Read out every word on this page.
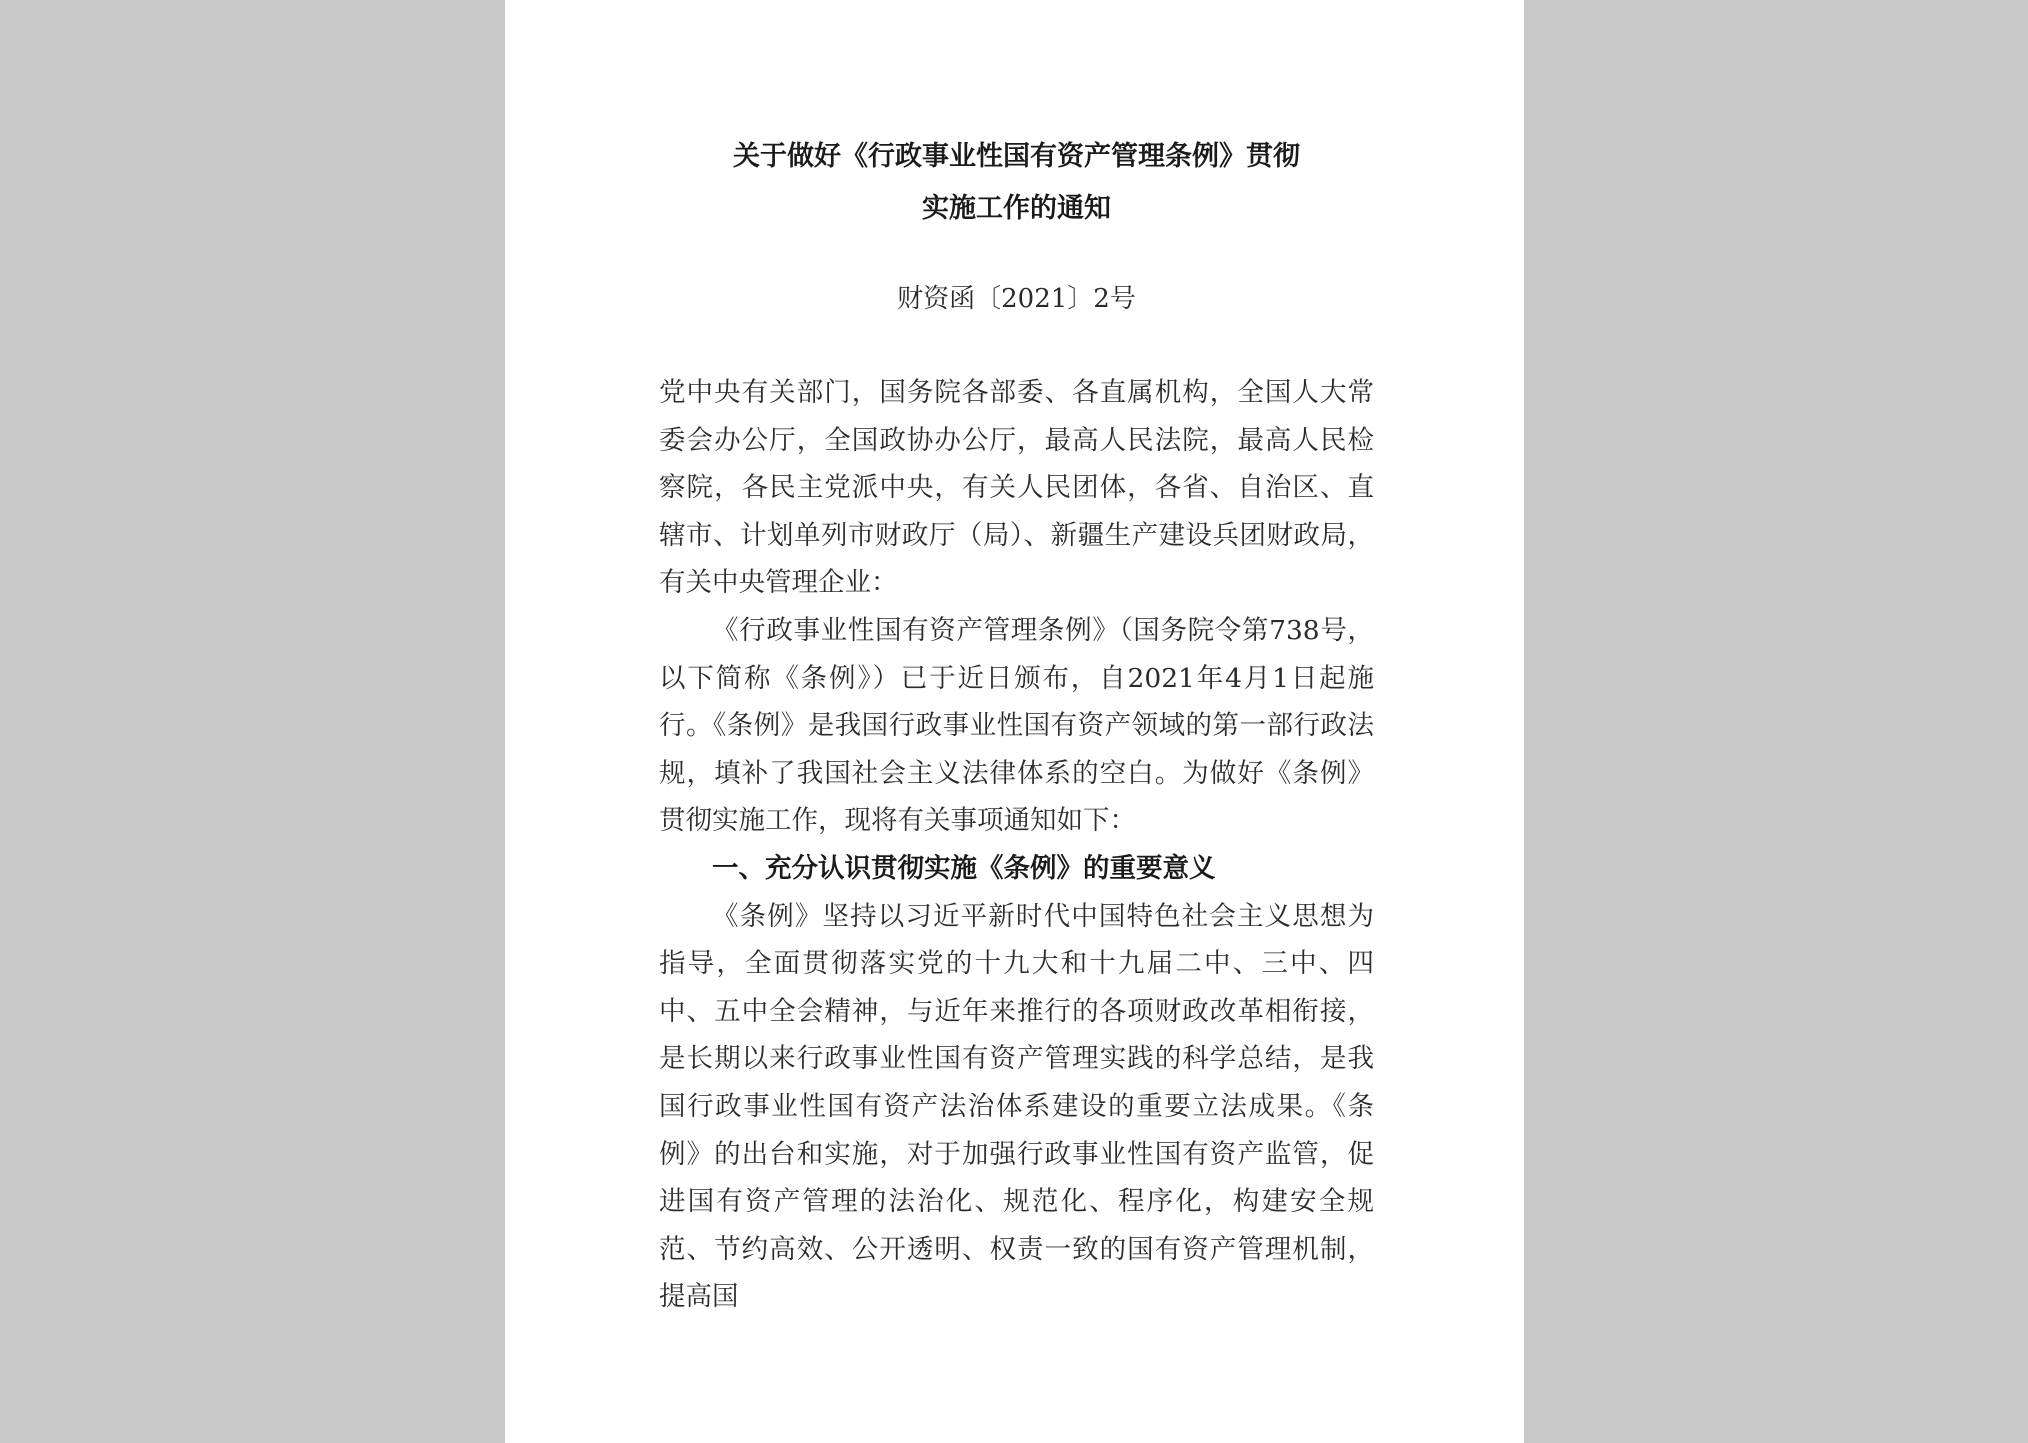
关于做好《行政事业性国有资产管理条例》贯彻
实施工作的通知
财资函〔2021〕2号

党中央有关部门，国务院各部委、各直属机构，全国人大常委会办公厅，全国政协办公厅，最高人民法院，最高人民检察院，各民主党派中央，有关人民团体，各省、自治区、直辖市、计划单列市财政厅（局）、新疆生产建设兵团财政局，有关中央管理企业：

《行政事业性国有资产管理条例》（国务院令第738号，以下简称《条例》）已于近日颁布，自2021年4月1日起施行。《条例》是我国行政事业性国有资产领域的第一部行政法规，填补了我国社会主义法律体系的空白。为做好《条例》贯彻实施工作，现将有关事项通知如下：

一、充分认识贯彻实施《条例》的重要意义

《条例》坚持以习近平新时代中国特色社会主义思想为指导，全面贯彻落实党的十九大和十九届二中、三中、四中、五中全会精神，与近年来推行的各项财政改革相衔接，是长期以来行政事业性国有资产管理实践的科学总结，是我国行政事业性国有资产法治体系建设的重要立法成果。《条例》的出台和实施，对于加强行政事业性国有资产监管，促进国有资产管理的法治化、规范化、程序化，构建安全规范、节约高效、公开透明、权责一致的国有资产管理机制，提高国
